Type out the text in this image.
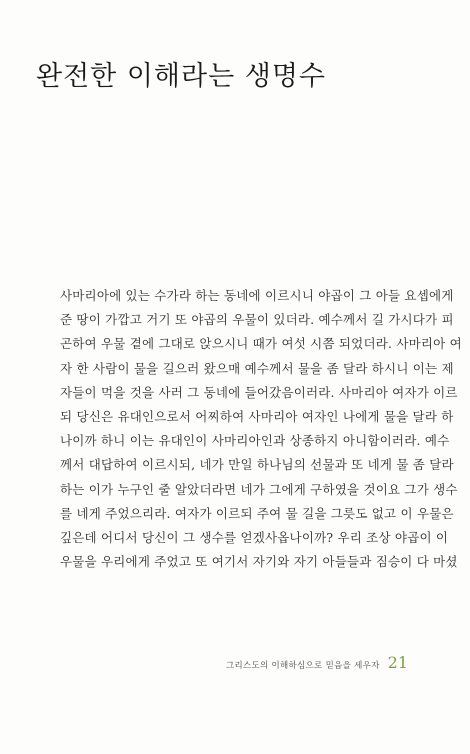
완전한 이해라는 생명수
사마리아에 있는 수가라 하는 동네에 이르시니 야곱이 그 아들 요셉에게
준 땅이 가깝고 거기 또 야곱의 우물이 있더라. 예수께서 길 가시다가 피
곤하여 우물 곁에 그대로 앉으시니 때가 여섯 시쯤 되었더라. 사마리아 여
자 한 사람이 물을 길으러 왔으매 예수께서 물을 좀 달라 하시니 이는 제
자들이 먹을 것을 사러 그 동네에 들어갔음이러라. 사마리아 여자가 이르
되 당신은 유대인으로서 어찌하여 사마리아 여자인 나에게 물을 달라 하
나이까 하니 이는 유대인이 사마리아인과 상종하지 아니함이러라. 예수
께서 대답하여 이르시되, 네가 만일 하나님의 선물과 또 네게 물 좀 달라
하는 이가 누구인 줄 알았더라면 네가 그에게 구하였을 것이요 그가 생수
를 네게 주었으리라. 여자가 이르되 주여 물 길을 그릇도 없고 이 우물은
깊은데 어디서 당신이 그 생수를 얻겠사옵나이까? 우리 조상 야곱이 이
우물을 우리에게 주었고 또 여기서 자기와 자기 아들들과 짐승이 다 마셨
그리스도의 이해하심으로 믿음을 세우자 21
